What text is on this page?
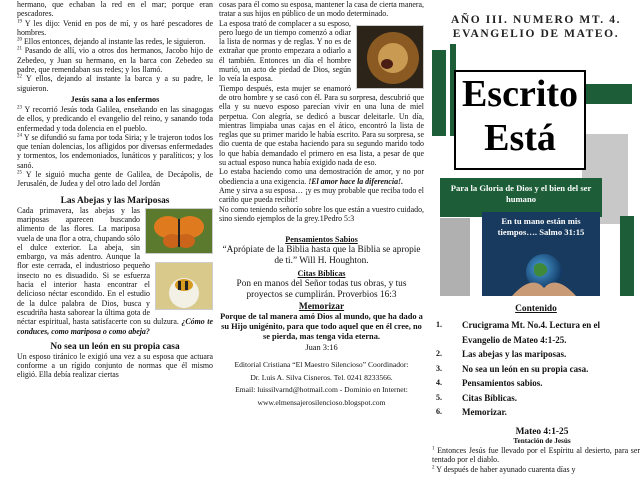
hermano, que echaban la red en el mar; porque eran pescadores.

$^{19}$ Y les dijo: Venid en pos de mí, y os haré pescadores de hombres.

$^{20}$ Ellos entonces, dejando al instante las redes, le siguieron.

$^{21}$ Pasando de allí, vio a otros dos hermanos, Jacobo hijo de Zebedeo, y Juan su hermano, en la barca con Zebedeo su padre, que remendaban sus redes; y los llamó.

$^{22}$ Y ellos, dejando al instante la barca y a su padre, le siguieron.

Jesús sana a los enfermos

$^{23}$ Y recorrió Jesús toda Galilea, enseñando en las sinagogas de ellos, y predicando el evangelio del reino, y sanando toda enfermedad y toda dolencia en el pueblo.

$^{24}$ Y se difundió su fama por toda Siria; y le trajeron todos los que tenían dolencias, los afligidos por diversas enfermedades y tormentos, los endemoniados, lunáticos y paralíticos; y los sanó.

$^{25}$ Y le siguió mucha gente de Galilea, de Decápolis, de Jerusalén, de Judea y del otro lado del Jordán

Las Abejas y las Mariposas

Cada primavera, las abejas y las mariposas aparecen buscando alimento de las flores. La mariposa vuela de una flor a otra, chupando sólo el dulce exterior. La abeja, sin embargo, va más adentro. Aunque la flor este cerrada, el industrioso pequeño insecto no es disuadido. Si se esfuerza hacia el interior hasta encontrar el delicioso néctar escondido. En el estudio de la dulce palabra de Dios, busca y escudriña hasta saborear la última gota de néctar espiritual, hasta satisfacerte con su dulzura. ¿Cómo te conduces, como mariposa o como abeja?

No sea un león en su propia casa

Un esposo tiránico le exigió una vez a su esposa que actuara conforme a un rígido conjunto de normas que él mismo eligió. Ella debía realizar ciertas

cosas para él como su esposa, mantener la casa de cierta manera, tratar a sus hijos en público de un modo determinado.

La esposa trató de complacer a su esposo, pero luego de un tiempo comenzó a odiar la lista de normas y de reglas. Y no es de extrañar que pronto empezara a odiarlo a él también. Entonces un día el hombre murió, un acto de piedad de Dios, según lo veía la esposa.

Tiempo después, esta mujer se enamoró de otro hombre y se casó con él. Para su sorpresa, descubrió que ella y su nuevo esposo parecían vivir en una luna de miel perpetua. Con alegría, se dedicó a buscar deleitarle. Un día, mientras limpiaba unas cajas en el ático, encontró la lista de reglas que su primer marido le había escrito. Para su sorpresa, se dio cuenta de que estaba haciendo para su segundo marido todo lo que había demandado el primero en esa lista, a pesar de que su actual esposo nunca había exigido nada de eso.

Lo estaba haciendo como una demostración de amor, y no por obediencia a una exigencia. !El amor hace la diferencia!.

Ame y sirva a su esposa… ¡y es muy probable que reciba todo el cariño que pueda recibir!

No como teniendo señorío sobre los que están a vuestro cuidado, sino siendo ejemplos de la grey.1Pedro 5:3

Pensamientos Sabios

“Aprópiate de la Biblia hasta que la Biblia se apropie de ti.” Will H. Houghton.

Citas Bíblicas

Pon en manos del Señor todas tus obras, y tus proyectos se cumplirán. Proverbios 16:3

Memorizar

Porque de tal manera amó Dios al mundo, que ha dado a su Hijo unigénito, para que todo aquel que en él cree, no se pierda, mas tenga vida eterna.

Juan 3:16

Editorial Cristiana “El Maestro Silencioso” Coordinador:

Dr. Luis A. Silva Cisneros. Tel. 0241 8233566.

Email: luissilvarnd@hotmail.com - Dominio en Internet:

www.elmensajerosilencioso.blogspot.com

AÑO III. NUMERO MT. 4.

EVANGELIO DE MATEO.

Escrito
Está
Para la Gloria de Dios y el bien del ser humano
En tu mano están mis tiempos…. Salmo 31:15

Contenido

1.	Crucigrama Mt. No.4. Lectura en el Evangelio de Mateo 4:1-25.
2.	Las abejas y las mariposas.
3.	No sea un león en su propia casa.
4.	Pensamientos sabios.
5.	Citas Bíblicas.
6.	Memorizar.

Mateo 4:1-25

Tentación de Jesús

$^1$ Entonces Jesús fue llevado por el Espíritu al desierto, para ser tentado por el diablo.

$^2$ Y después de haber ayunado cuarenta días y
